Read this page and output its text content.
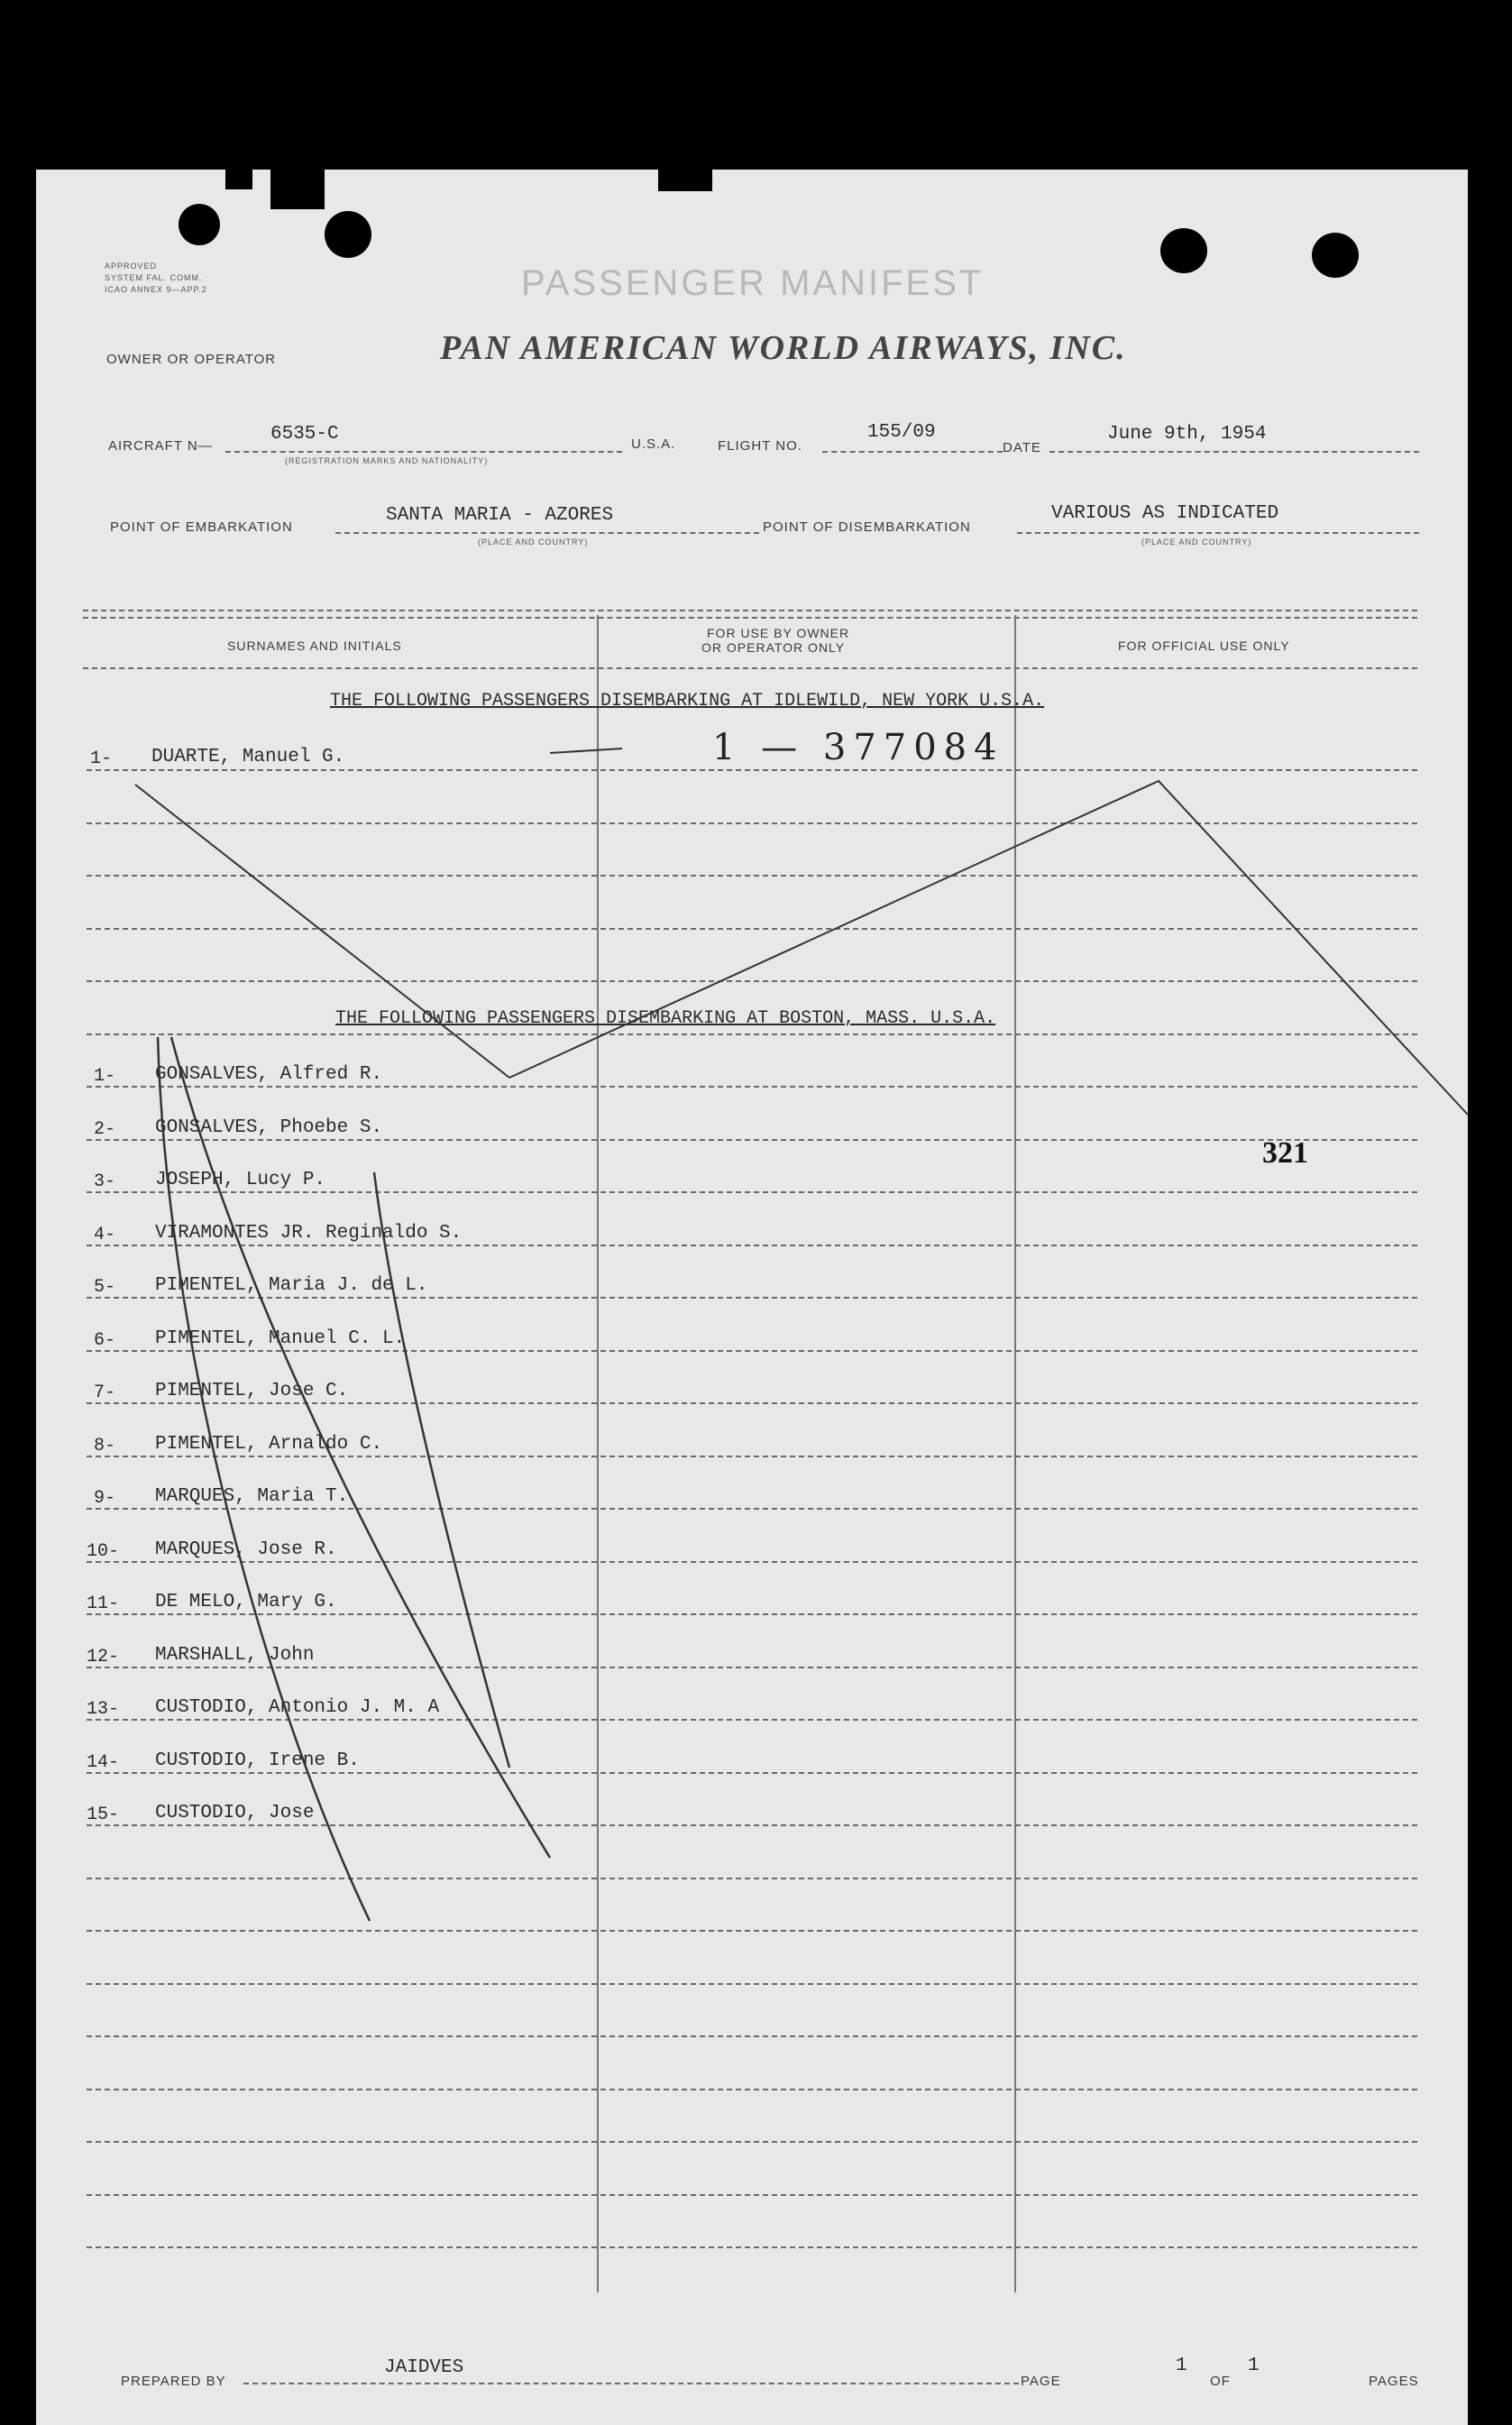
APPROVED
SYSTEM FAL. COMM.
ICAO ANNEX 9—APP.2	PASSENGER MANIFEST
OWNER OR OPERATOR	PAN AMERICAN WORLD AIRWAYS, INC.
AIRCRAFT N—
6535-C
(REGISTRATION MARKS AND NATIONALITY)
U.S.A.	FLIGHT NO.
155/09
DATE
June 9th, 1954
POINT OF EMBARKATION
SANTA MARIA - AZORES
(PLACE AND COUNTRY)
POINT OF DISEMBARKATION
VARIOUS AS INDICATED
(PLACE AND COUNTRY)
SURNAMES AND INITIALS
FOR USE BY OWNER
OR OPERATOR ONLY	FOR OFFICIAL USE ONLY
THE FOLLOWING PASSENGERS DISEMBARKING AT IDLEWILD, NEW YORK U.S.A.
1- DUARTE, Manuel G.	1 — 377084
THE FOLLOWING PASSENGERS DISEMBARKING AT BOSTON, MASS. U.S.A.
1- GONSALVES, Alfred R.
2- GONSALVES, Phoebe S.
3- JOSEPH, Lucy P.
4- VIRAMONTES JR. Reginaldo S.
5- PIMENTEL, Maria J. de L.
6- PIMENTEL, Manuel C. L.
7- PIMENTEL, Jose C.
8- PIMENTEL, Arnaldo C.
9- MARQUES, Maria T.
10- MARQUES, Jose R.
11- DE MELO, Mary G.
12- MARSHALL, John
13- CUSTODIO, Antonio J. M. A
14- CUSTODIO, Irene B.
15- CUSTODIO, Jose
321
PREPARED BY
JAIDVES
PAGE
1
OF
1
PAGES
